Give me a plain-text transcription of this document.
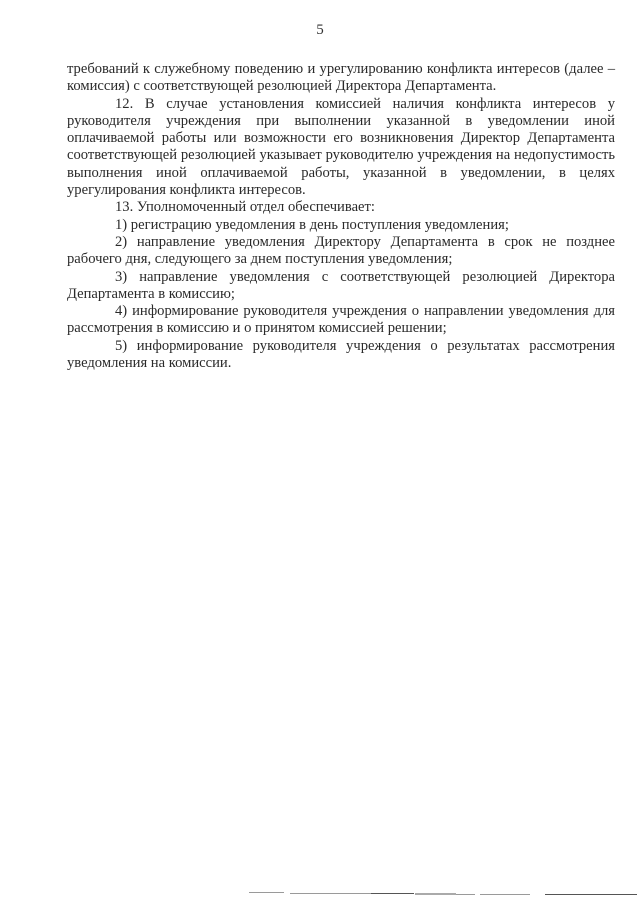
5

требований к служебному поведению и урегулированию конфликта интересов (далее – комиссия) с соответствующей резолюцией Директора Департамента.

12. В случае установления комиссией наличия конфликта интересов у руководителя учреждения при выполнении указанной в уведомлении иной оплачиваемой работы или возможности его возникновения Директор Департамента соответствующей резолюцией указывает руководителю учреждения на недопустимость выполнения иной оплачиваемой работы, указанной в уведомлении, в целях урегулирования конфликта интересов.

13. Уполномоченный отдел обеспечивает:

1) регистрацию уведомления в день поступления уведомления;

2) направление уведомления Директору Департамента в срок не позднее рабочего дня, следующего за днем поступления уведомления;

3) направление уведомления с соответствующей резолюцией Директора Департамента в комиссию;

4) информирование руководителя учреждения о направлении уведомления для рассмотрения в комиссию и о принятом комиссией решении;

5) информирование руководителя учреждения о результатах рассмотрения уведомления на комиссии.
